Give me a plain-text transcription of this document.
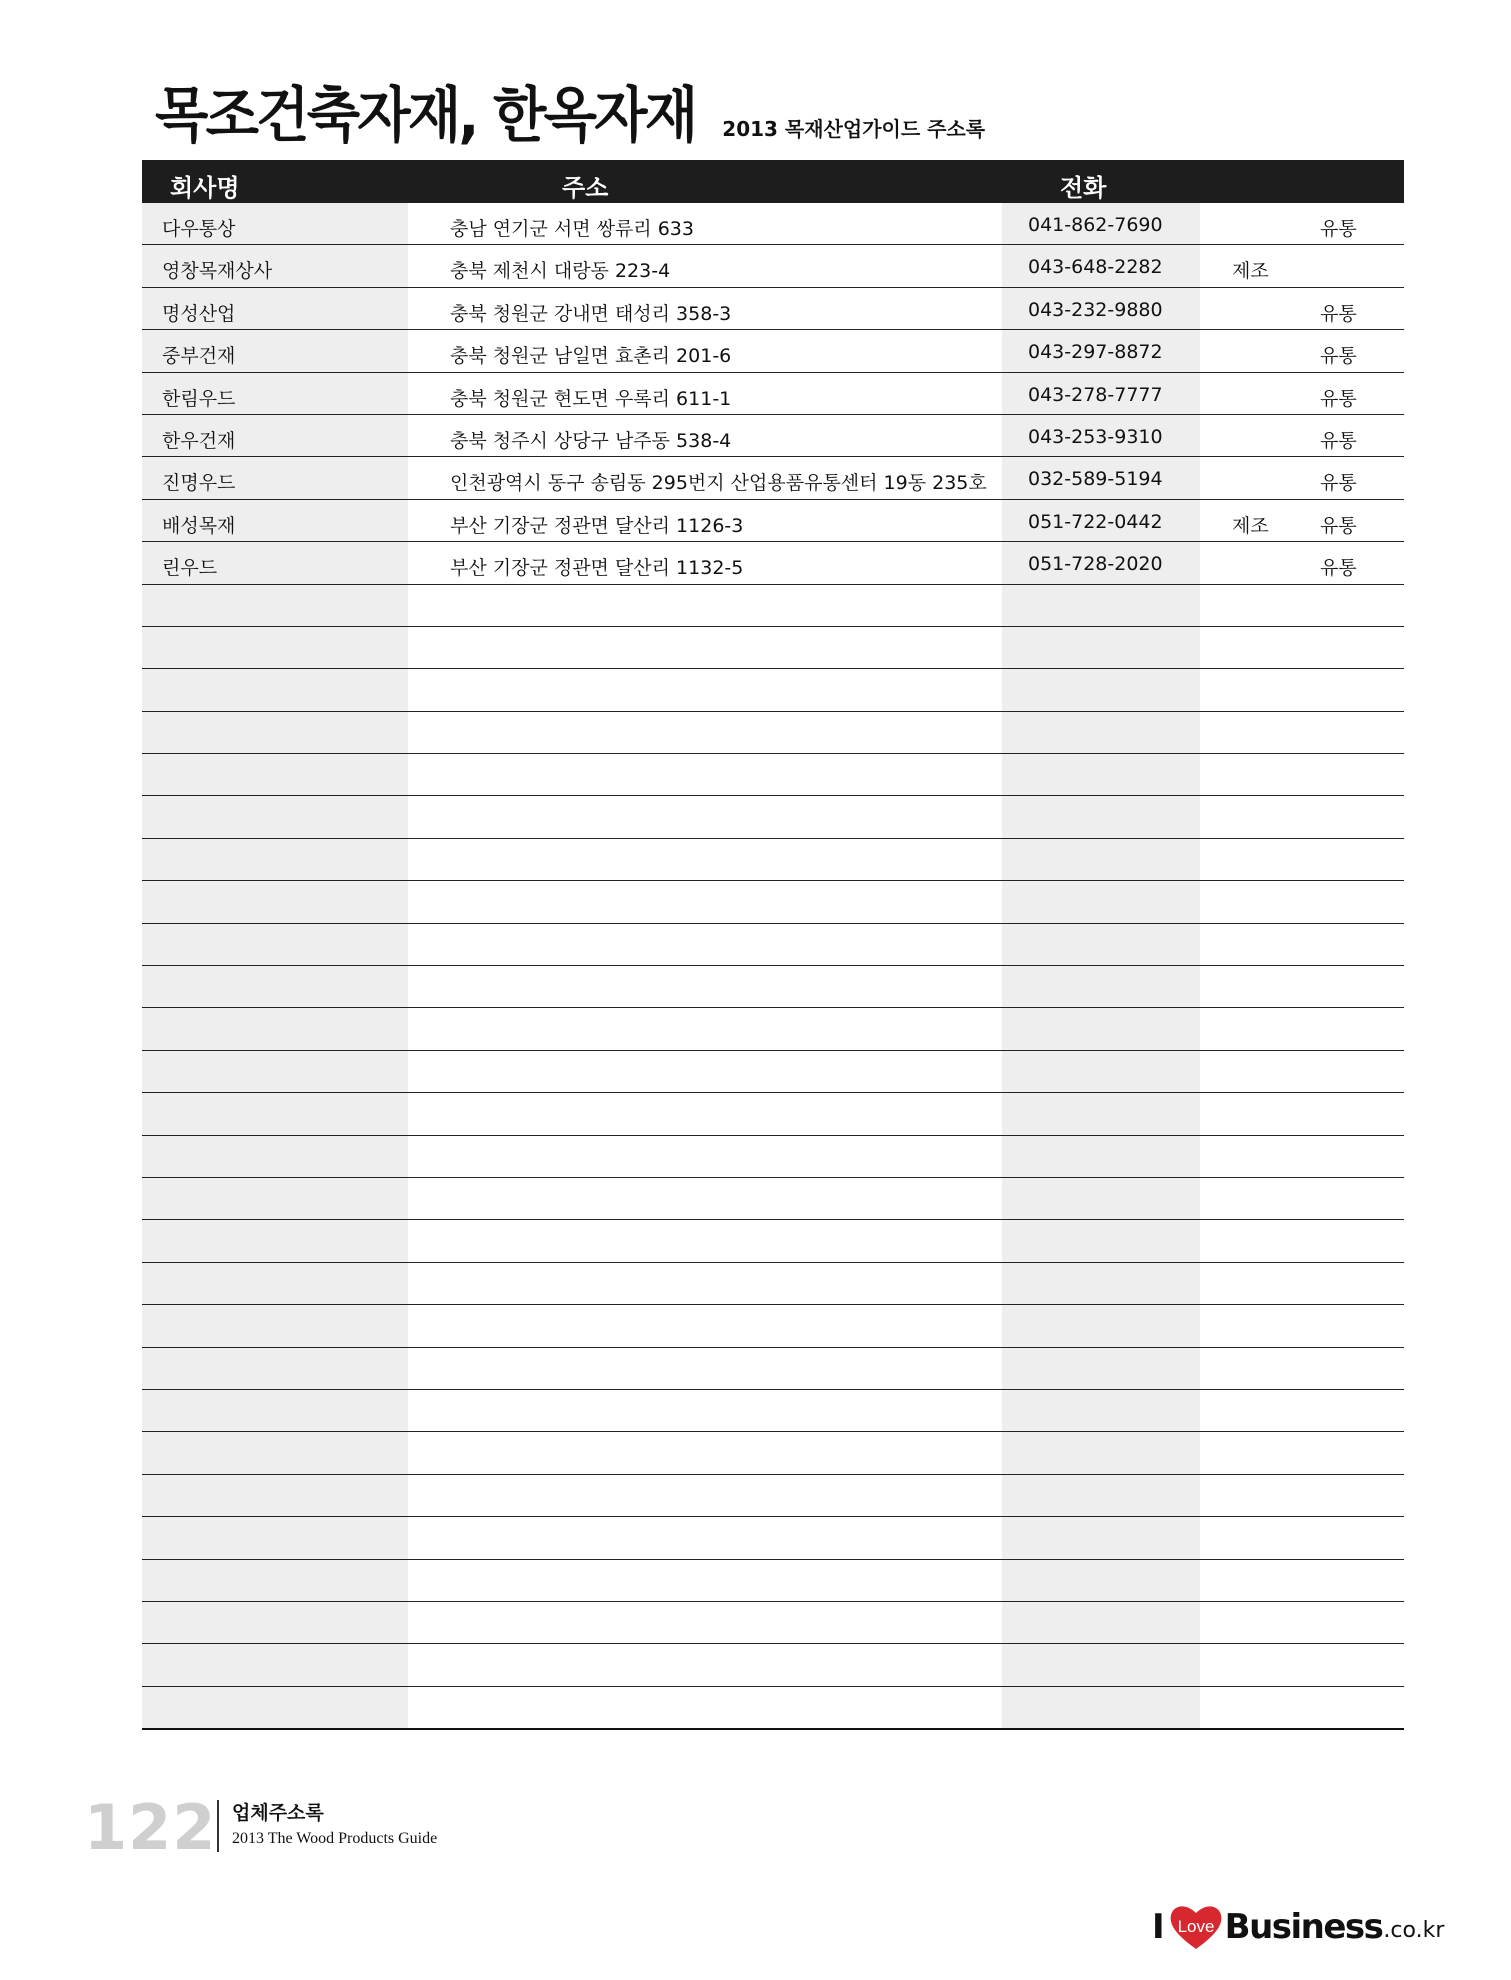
목조건축자재, 한옥자재 2013 목재산업가이드 주소록
회사명	주소	전화
다우통상	충남 연기군 서면 쌍류리 633	041-862-7690	유통
영창목재상사	충북 제천시 대랑동 223-4	043-648-2282	제조
명성산업	충북 청원군 강내면 태성리 358-3	043-232-9880	유통
중부건재	충북 청원군 남일면 효촌리 201-6	043-297-8872	유통
한림우드	충북 청원군 현도면 우록리 611-1	043-278-7777	유통
한우건재	충북 청주시 상당구 남주동 538-4	043-253-9310	유통
진명우드	인천광역시 동구 송림동 295번지 산업용품유통센터 19동 235호 032-589-5194	유통
배성목재	부산 기장군 정관면 달산리 1126-3	051-722-0442	제조	유통
린우드	부산 기장군 정관면 달산리 1132-5	051-728-2020	유통
122 업체주소록
2013 The Wood Products Guide
I Love Business .co.kr
